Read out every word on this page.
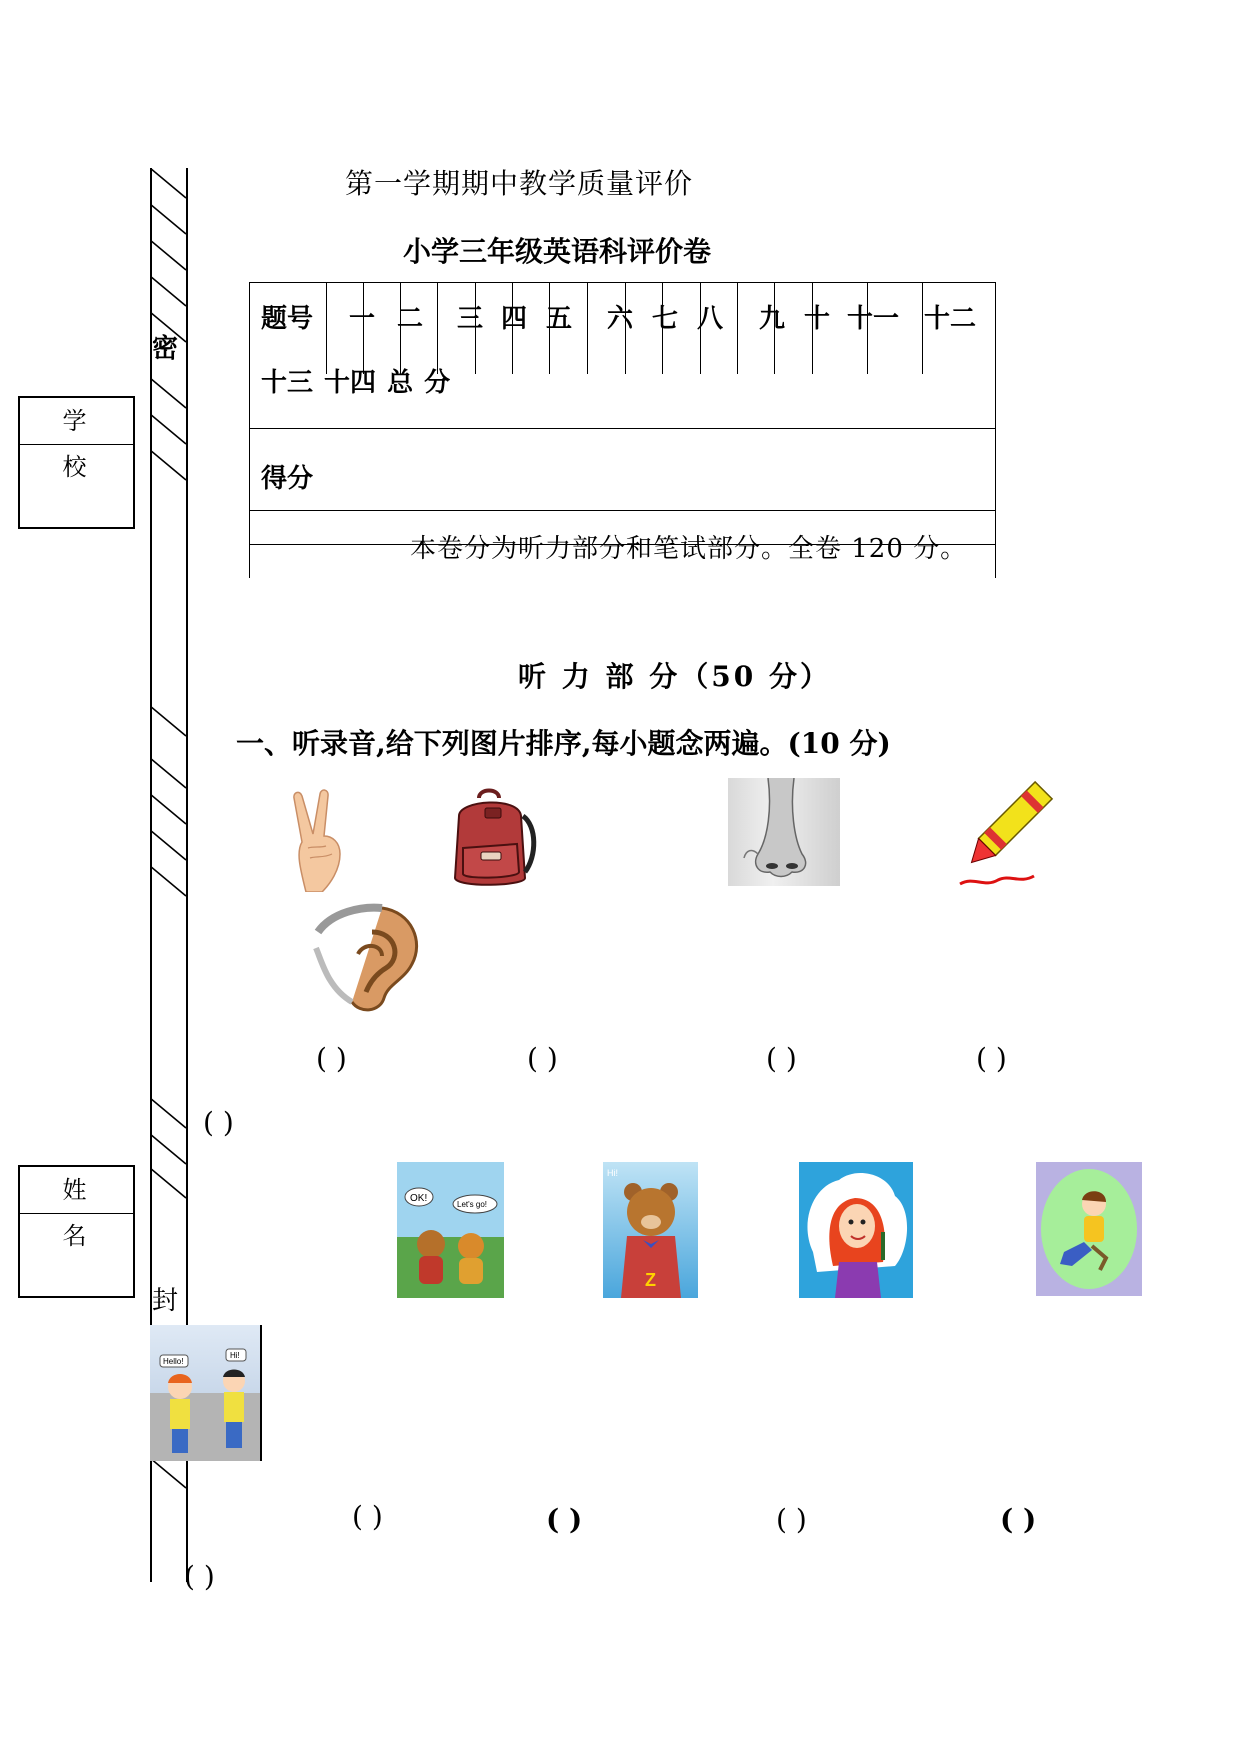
密
封
学 校
姓 名
第一学期期中教学质量评价
小学三年级英语科评价卷
题号 一 二 三 四 五 六 七 八 九 十 十一 十二
十三 十四 总 分
得分
本卷分为听力部分和笔试部分。全卷 120 分。
听 力 部 分（50 分）
一、听录音,给下列图片排序,每小题念两遍。(10 分)
( )	( )	( )	( )
( )
OK!
Let's go!
Hi!
Z
Hello!
Hi!
( )	( )	( )	( )
( )
